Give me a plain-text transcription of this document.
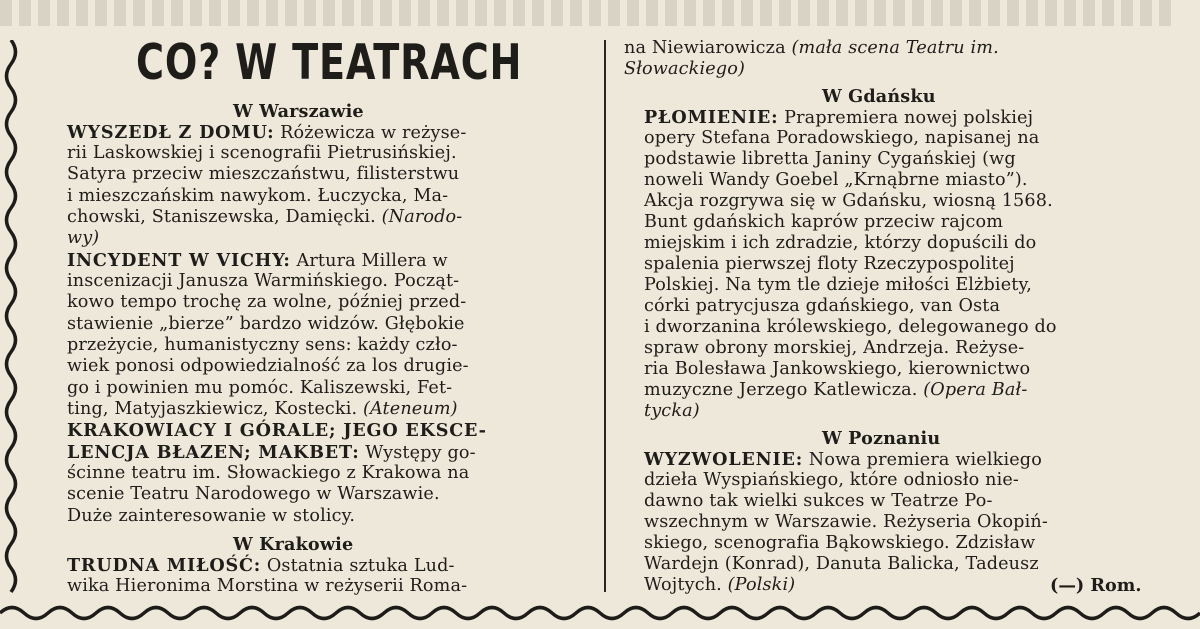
CO? W TEATRACH
W Warszawie
WYSZEDŁ Z DOMU: Różewicza w reżyse-
rii Laskowskiej i scenografii Pietrusińskiej.
Satyra przeciw mieszczaństwu, filisterstwu
i mieszczańskim nawykom. Łuczycka, Ma-
chowski, Staniszewska, Damięcki. (Narodo-
wy)
INCYDENT W VICHY: Artura Millera w
inscenizacji Janusza Warmińskiego. Począt-
kowo tempo trochę za wolne, później przed-
stawienie „bierze” bardzo widzów. Głębokie
przeżycie, humanistyczny sens: każdy czło-
wiek ponosi odpowiedzialność za los drugie-
go i powinien mu pomóc. Kaliszewski, Fet-
ting, Matyjaszkiewicz, Kostecki. (Ateneum)
KRAKOWIACY I GÓRALE; JEGO EKSCE-
LENCJA BŁAZEN; MAKBET: Występy go-
ścinne teatru im. Słowackiego z Krakowa na
scenie Teatru Narodowego w Warszawie.
Duże zainteresowanie w stolicy.
W Krakowie
TRUDNA MIŁOŚĆ: Ostatnia sztuka Lud-
wika Hieronima Morstina w reżyserii Roma-
na Niewiarowicza (mała scena Teatru im.
Słowackiego)
W Gdańsku
PŁOMIENIE: Prapremiera nowej polskiej
opery Stefana Poradowskiego, napisanej na
podstawie libretta Janiny Cygańskiej (wg
noweli Wandy Goebel „Krnąbrne miasto”).
Akcja rozgrywa się w Gdańsku, wiosną 1568.
Bunt gdańskich kaprów przeciw rajcom
miejskim i ich zdradzie, którzy dopuścili do
spalenia pierwszej floty Rzeczypospolitej
Polskiej. Na tym tle dzieje miłości Elżbiety,
córki patrycjusza gdańskiego, van Osta
i dworzanina królewskiego, delegowanego do
spraw obrony morskiej, Andrzeja. Reżyse-
ria Bolesława Jankowskiego, kierownictwo
muzyczne Jerzego Katlewicza. (Opera Bał-
tycka)
W Poznaniu
WYZWOLENIE: Nowa premiera wielkiego
dzieła Wyspiańskiego, które odniosło nie-
dawno tak wielki sukces w Teatrze Po-
wszechnym w Warszawie. Reżyseria Okopiń-
skiego, scenografia Bąkowskiego. Zdzisław
Wardejn (Konrad), Danuta Balicka, Tadeusz
Wojtych. (Polski)	(—) Rom.
